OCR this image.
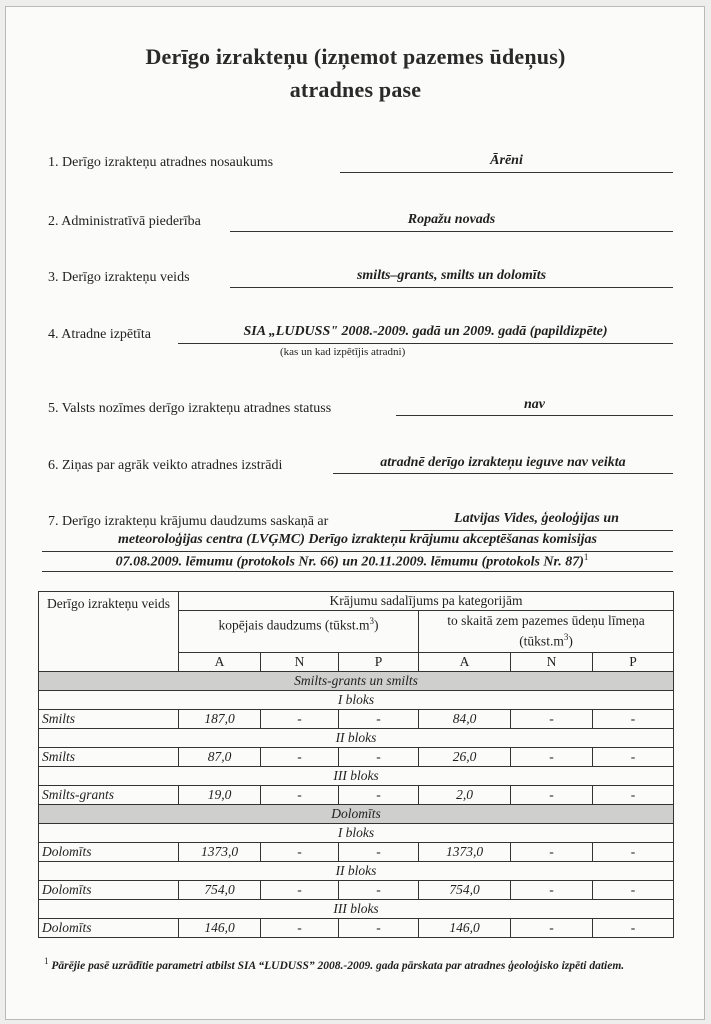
Derīgo izrakteņu (izņemot pazemes ūdeņus)
atradnes pase
1. Derīgo izrakteņu atradnes nosaukums	Ārēni
2. Administratīvā piederība	Ropažu novads
3. Derīgo izrakteņu veids	smilts–grants, smilts un dolomīts
4. Atradne izpētīta	SIA „LUDUSS" 2008.-2009. gadā un 2009. gadā (papildizpēte)
(kas un kad izpētījis atradni)
5. Valsts nozīmes derīgo izrakteņu atradnes statuss	nav
6. Ziņas par agrāk veikto atradnes izstrādi	atradnē derīgo izrakteņu ieguve nav veikta
7. Derīgo izrakteņu krājumu daudzums saskaņā ar	Latvijas Vides, ģeoloģijas un
meteoroloģijas centra (LVĢMC) Derīgo izrakteņu krājumu akceptēšanas komisijas
07.08.2009. lēmumu (protokols Nr. 66) un 20.11.2009. lēmumu (protokols Nr. 87)$^1$
Derīgo izrakteņu veids	Krājumu sadalījums pa kategorijām					
	kopējais daudzums $(tūkst.m^3)$			to skaitā zem pazemes ūdeņu līmeņa $(tūkst.m^3)$		
	A	N	P	A	N	P
Smilts-grants un smilts						
I bloks						
Smilts	187,0	-	-	84,0	-	-
II bloks						
Smilts	87,0	-	-	26,0	-	-
III bloks						
Smilts-grants	19,0	-	-	2,0	-	-
Dolomīts						
I bloks						
Dolomīts	1373,0	-	-	1373,0	-	-
II bloks						
Dolomīts	754,0	-	-	754,0	-	-
III bloks						
Dolomīts	146,0	-	-	146,0	-	-
$^1$ Pārējie pasē uzrādītie parametri atbilst SIA “LUDUSS” 2008.-2009. gada pārskata par atradnes ģeoloģisko izpēti datiem.
